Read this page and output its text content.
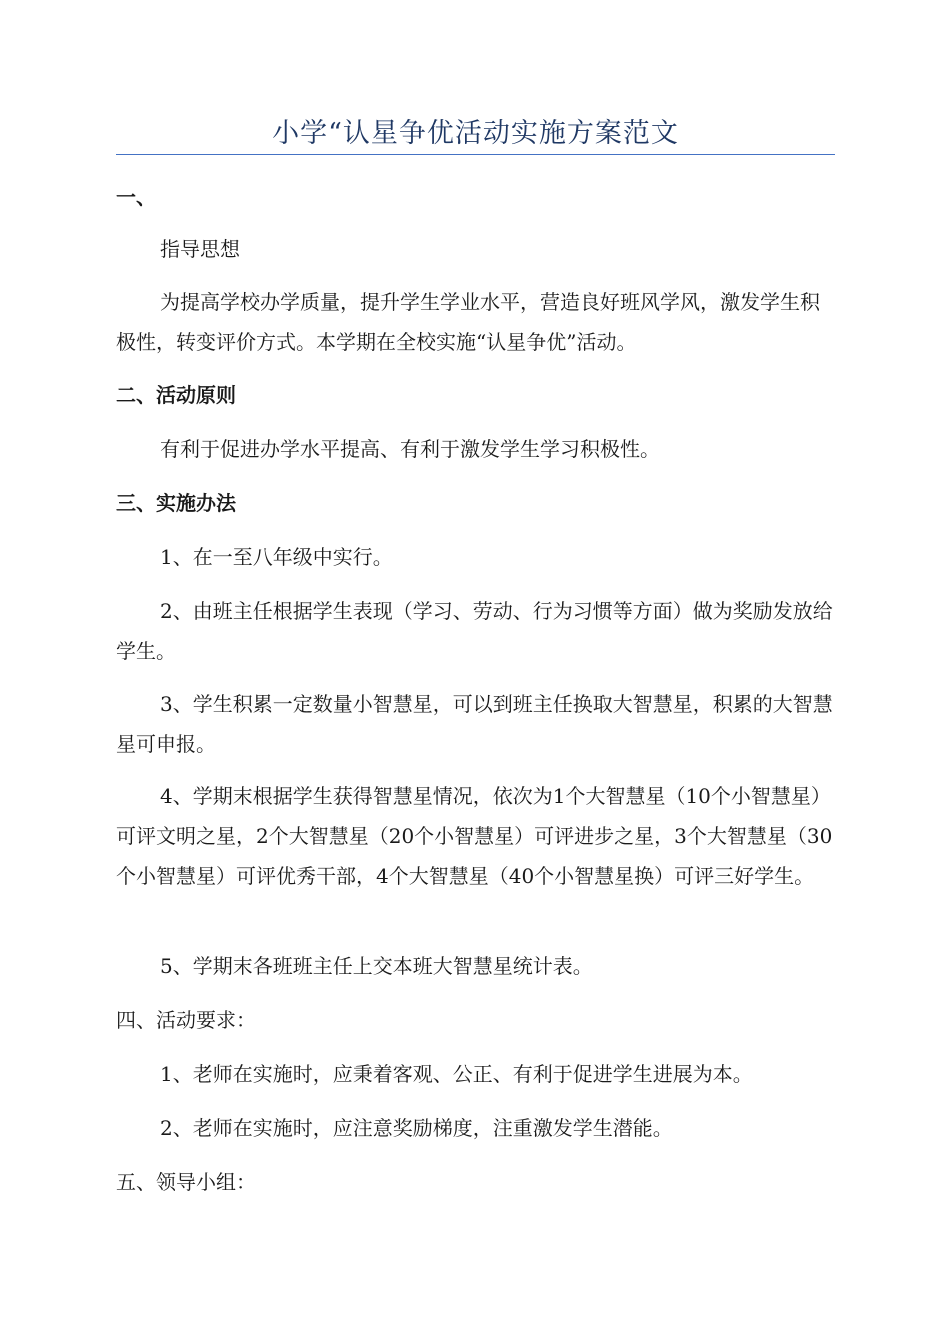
小学“认星争优活动实施方案范文
一、
指导思想
为提高学校办学质量，提升学生学业水平，营造良好班风学风，激发学生积极性，转变评价方式。本学期在全校实施“认星争优”活动。
二、活动原则
有利于促进办学水平提高、有利于激发学生学习积极性。
三、实施办法
1、在一至八年级中实行。
2、由班主任根据学生表现（学习、劳动、行为习惯等方面）做为奖励发放给学生。
3、学生积累一定数量小智慧星，可以到班主任换取大智慧星，积累的大智慧星可申报。
4、学期末根据学生获得智慧星情况，依次为1个大智慧星（10个小智慧星）可评文明之星，2个大智慧星（20个小智慧星）可评进步之星，3个大智慧星（30个小智慧星）可评优秀干部，4个大智慧星（40个小智慧星换）可评三好学生。
5、学期末各班班主任上交本班大智慧星统计表。
四、活动要求：
1、老师在实施时，应秉着客观、公正、有利于促进学生进展为本。
2、老师在实施时，应注意奖励梯度，注重激发学生潜能。
五、领导小组：
